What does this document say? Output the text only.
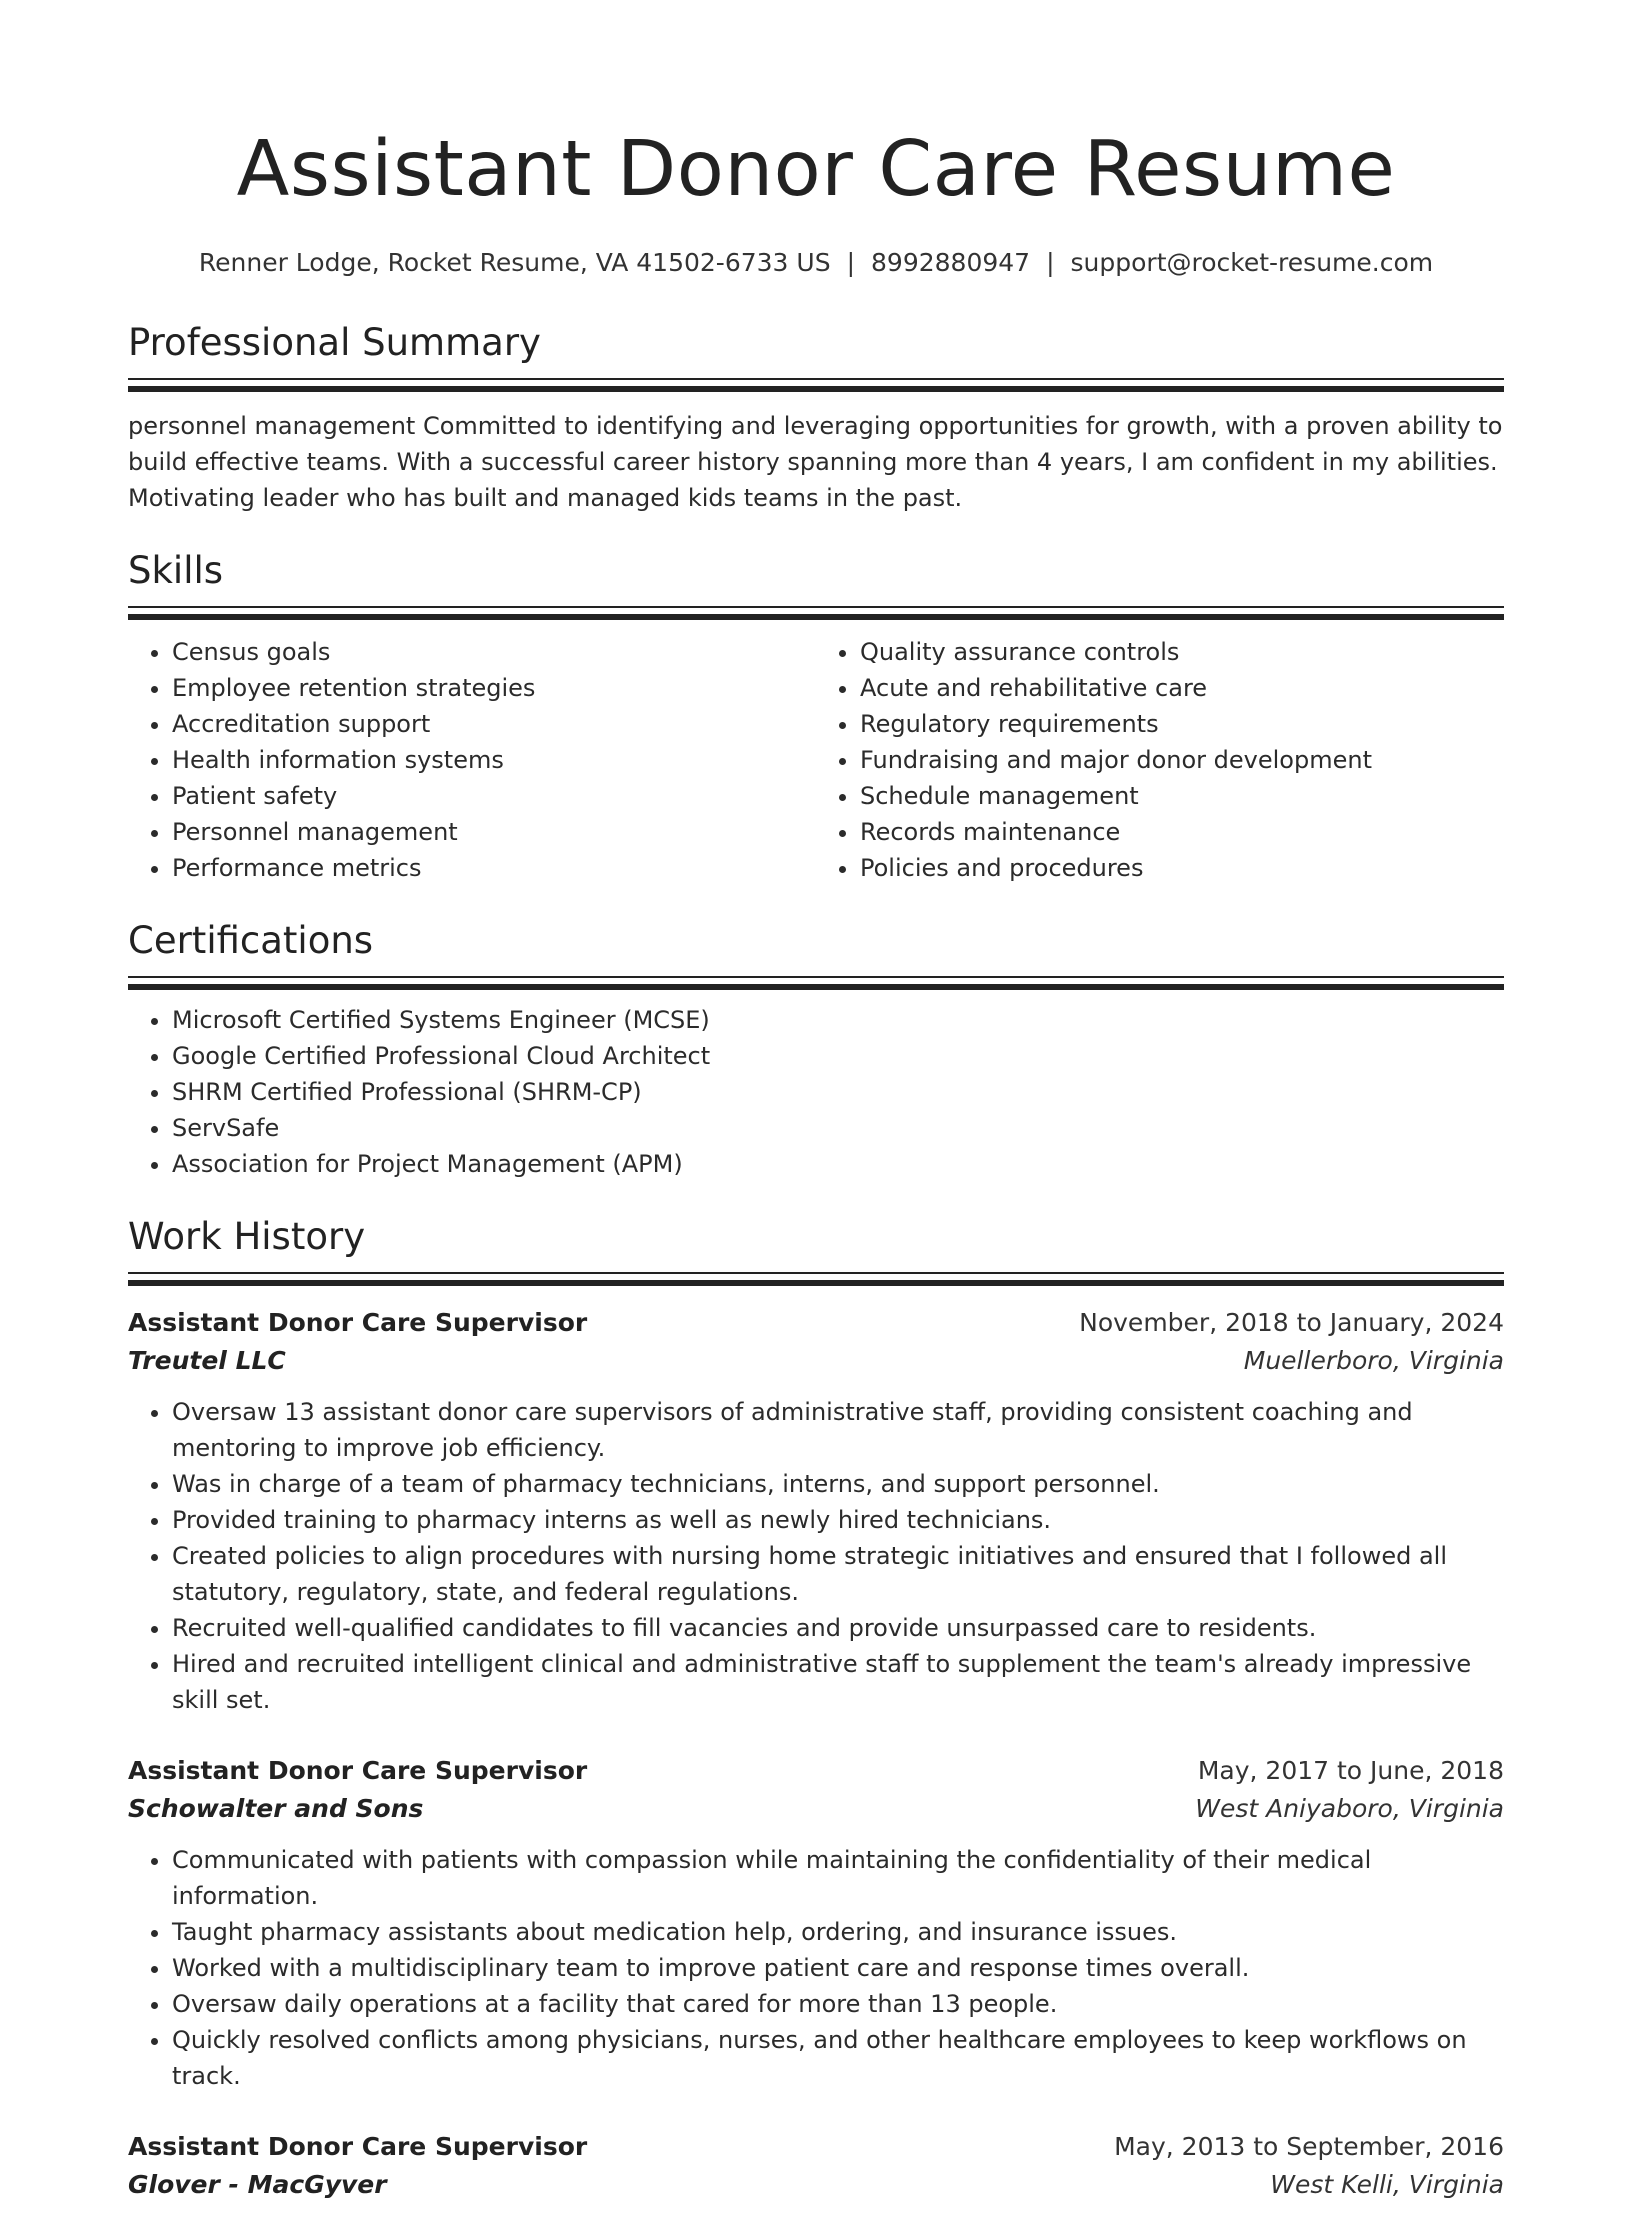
Assistant Donor Care Resume
Renner Lodge, Rocket Resume, VA 41502-6733 US | 8992880947 | support@rocket-resume.com
Professional Summary
personnel management Committed to identifying and leveraging opportunities for growth, with a proven ability to build effective teams. With a successful career history spanning more than 4 years, I am confident in my abilities. Motivating leader who has built and managed kids teams in the past.
Skills
• Census goals
• Employee retention strategies
• Accreditation support
• Health information systems
• Patient safety
• Personnel management
• Performance metrics
• Quality assurance controls
• Acute and rehabilitative care
• Regulatory requirements
• Fundraising and major donor development
• Schedule management
• Records maintenance
• Policies and procedures
Certifications
• Microsoft Certified Systems Engineer (MCSE)
• Google Certified Professional Cloud Architect
• SHRM Certified Professional (SHRM-CP)
• ServSafe
• Association for Project Management (APM)
Work History
Assistant Donor Care Supervisor	November, 2018 to January, 2024
Treutel LLC	Muellerboro, Virginia
• Oversaw 13 assistant donor care supervisors of administrative staff, providing consistent coaching and mentoring to improve job efficiency.
• Was in charge of a team of pharmacy technicians, interns, and support personnel.
• Provided training to pharmacy interns as well as newly hired technicians.
• Created policies to align procedures with nursing home strategic initiatives and ensured that I followed all statutory, regulatory, state, and federal regulations.
• Recruited well-qualified candidates to fill vacancies and provide unsurpassed care to residents.
• Hired and recruited intelligent clinical and administrative staff to supplement the team's already impressive skill set.
Assistant Donor Care Supervisor	May, 2017 to June, 2018
Schowalter and Sons	West Aniyaboro, Virginia
• Communicated with patients with compassion while maintaining the confidentiality of their medical information.
• Taught pharmacy assistants about medication help, ordering, and insurance issues.
• Worked with a multidisciplinary team to improve patient care and response times overall.
• Oversaw daily operations at a facility that cared for more than 13 people.
• Quickly resolved conflicts among physicians, nurses, and other healthcare employees to keep workflows on track.
Assistant Donor Care Supervisor	May, 2013 to September, 2016
Glover - MacGyver	West Kelli, Virginia
